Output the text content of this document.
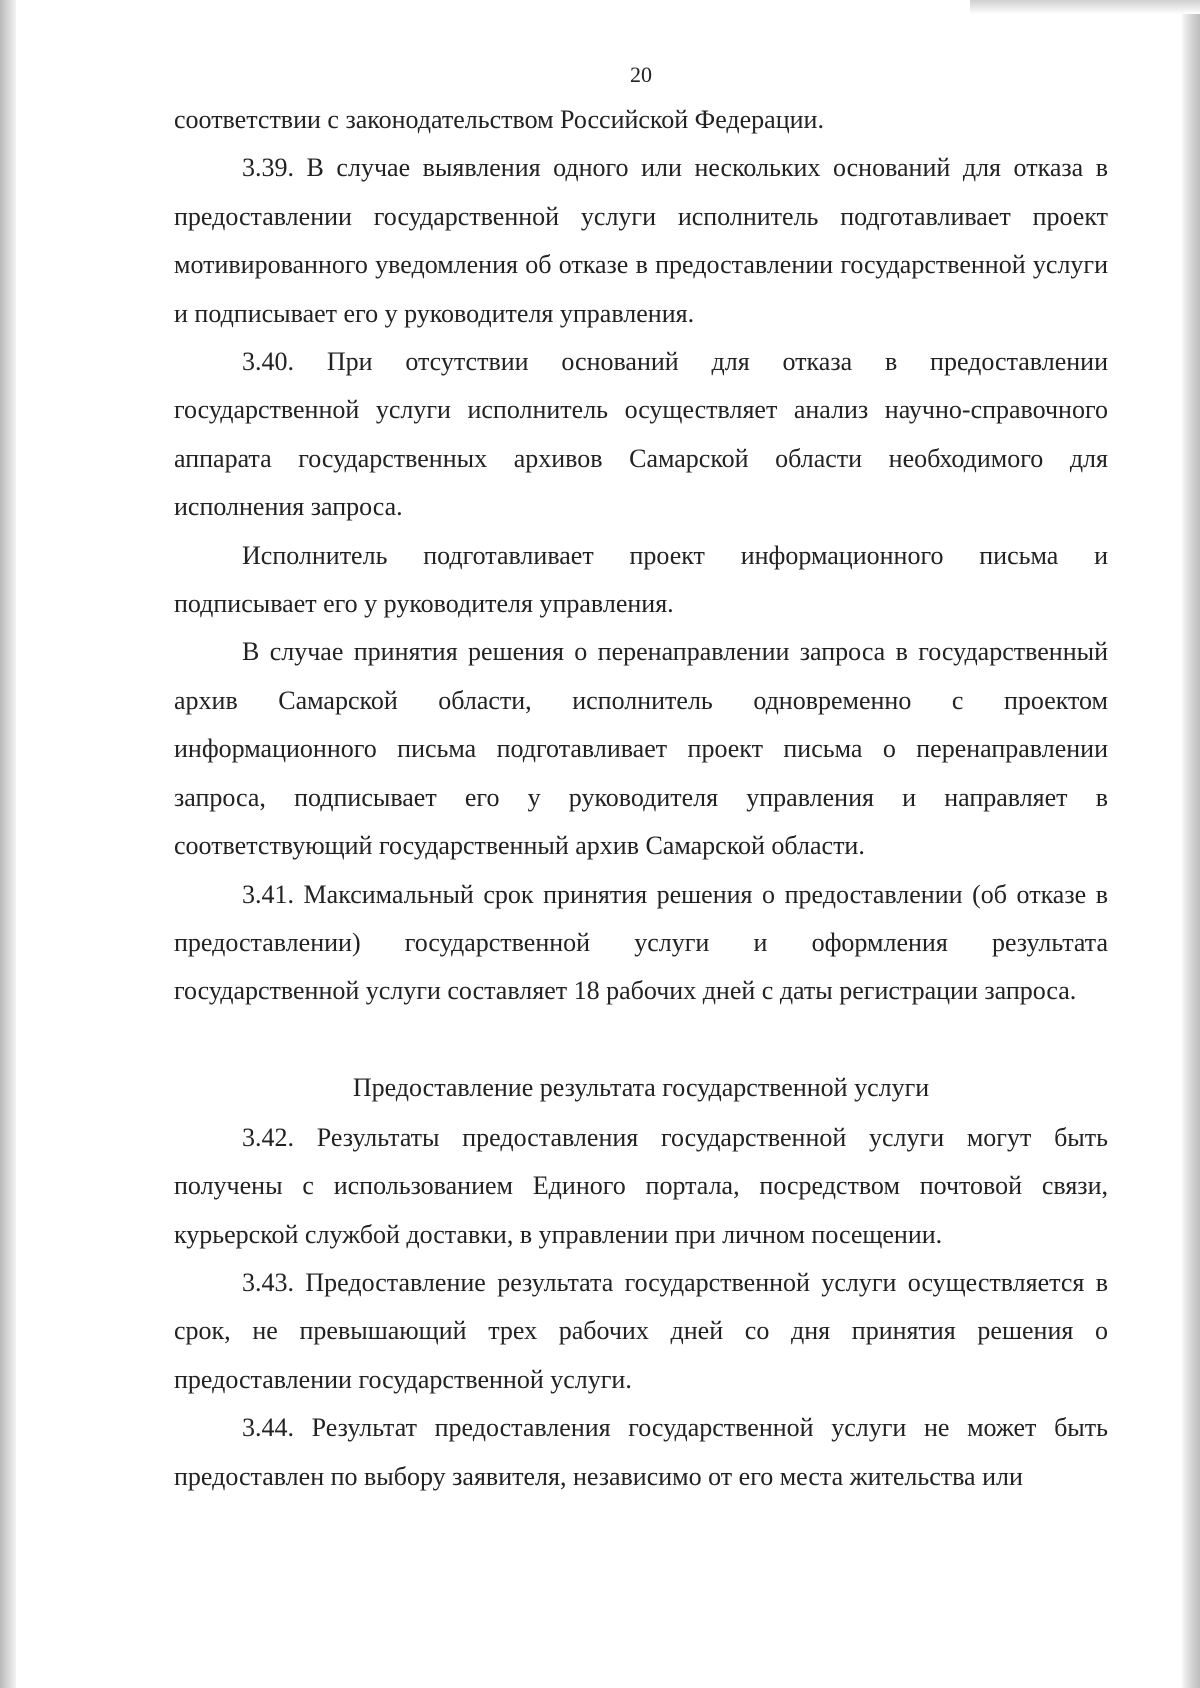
20

соответствии с законодательством Российской Федерации.

3.39. В случае выявления одного или нескольких оснований для отказа в предоставлении государственной услуги исполнитель подготавливает проект мотивированного уведомления об отказе в предоставлении государственной услуги и подписывает его у руководителя управления.

3.40. При отсутствии оснований для отказа в предоставлении государственной услуги исполнитель осуществляет анализ научно-справочного аппарата государственных архивов Самарской области необходимого для исполнения запроса.

Исполнитель подготавливает проект информационного письма и подписывает его у руководителя управления.

В случае принятия решения о перенаправлении запроса в государственный архив Самарской области, исполнитель одновременно с проектом информационного письма подготавливает проект письма о перенаправлении запроса, подписывает его у руководителя управления и направляет в соответствующий государственный архив Самарской области.

3.41. Максимальный срок принятия решения о предоставлении (об отказе в предоставлении) государственной услуги и оформления результата государственной услуги составляет 18 рабочих дней с даты регистрации запроса.

Предоставление результата государственной услуги

3.42. Результаты предоставления государственной услуги могут быть получены с использованием Единого портала, посредством почтовой связи, курьерской службой доставки, в управлении при личном посещении.

3.43. Предоставление результата государственной услуги осуществляется в срок, не превышающий трех рабочих дней со дня принятия решения о предоставлении государственной услуги.

3.44. Результат предоставления государственной услуги не может быть предоставлен по выбору заявителя, независимо от его места жительства или
